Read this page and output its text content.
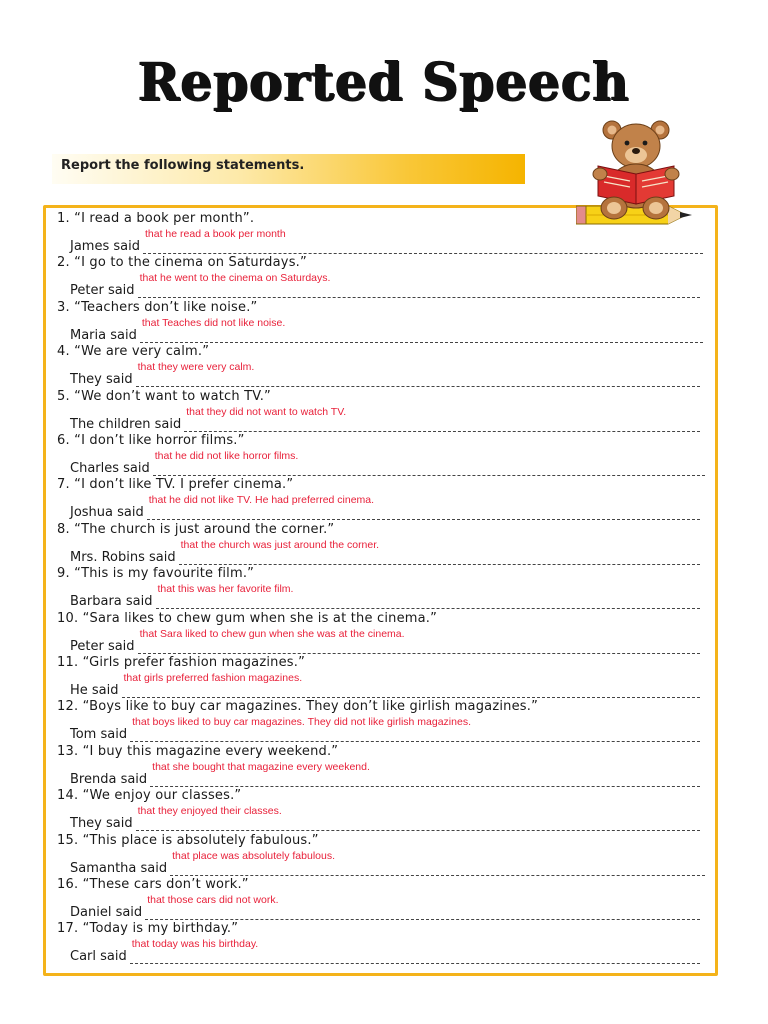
Reported Speech
Report the following statements.
1. “I read a book per month”.
James said
that he read a book per month
2. “I go to the cinema on Saturdays.”
Peter said
that he went to the cinema on Saturdays.
3. “Teachers don’t like noise.”
Maria said
that Teaches did not like noise.
4. “We are very calm.”
They said
that they were very calm.
5. “We don’t want to watch TV.”
The children said
that they did not want to watch TV.
6. “I don’t like horror films.”
Charles said
that he did not like horror films.
7. “I don’t like TV. I prefer cinema.”
Joshua said
that he did not like TV. He had preferred cinema.
8. “The church is just around the corner.”
Mrs. Robins said
that the church was just around the corner.
9. “This is my favourite film.”
Barbara said
that this was her favorite film.
10. “Sara likes to chew gum when she is at the cinema.”
Peter said
that Sara liked to chew gun when she was at the cinema.
11. “Girls prefer fashion magazines.”
He said
that girls preferred fashion magazines.
12. “Boys like to buy car magazines. They don’t like girlish magazines.”
Tom said
that boys liked to buy car magazines. They did not like girlish magazines.
13. “I buy this magazine every weekend.”
Brenda said
that she bought that magazine every weekend.
14. “We enjoy our classes.”
They said
that they enjoyed their classes.
15. “This place is absolutely fabulous.”
Samantha said
that place was absolutely fabulous.
16. “These cars don’t work.”
Daniel said
that those cars did not work.
17. “Today is my birthday.”
Carl said
that today was his birthday.
